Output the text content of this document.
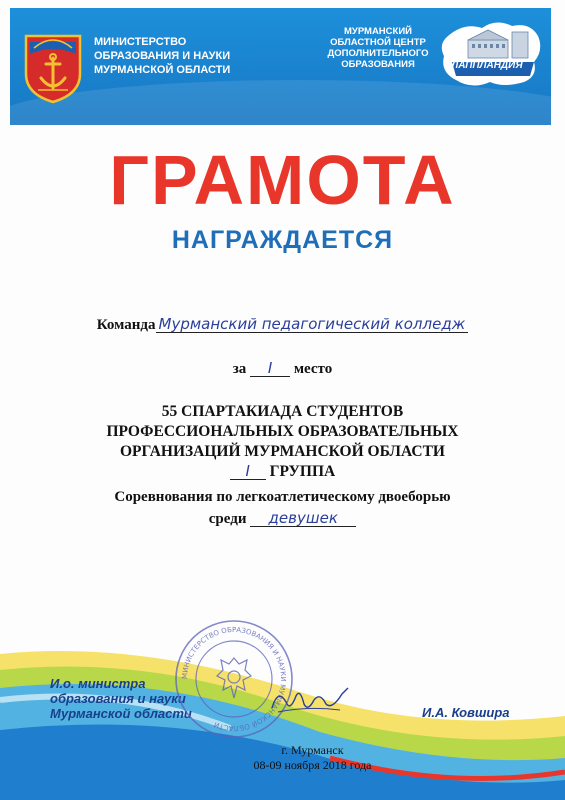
МИНИСТЕРСТВО
ОБРАЗОВАНИЯ И НАУКИ
МУРМАНСКОЙ ОБЛАСТИ
МУРМАНСКИЙ
ОБЛАСТНОЙ ЦЕНТР
ДОПОЛНИТЕЛЬНОГО
ОБРАЗОВАНИЯ	ЛАППЛАНДИЯ
ГРАМОТА
НАГРАЖДАЕТСЯ
Команда Мурманский педагогический колледж
за I место
55 СПАРТАКИАДА СТУДЕНТОВ
ПРОФЕССИОНАЛЬНЫХ ОБРАЗОВАТЕЛЬНЫХ
ОРГАНИЗАЦИЙ МУРМАНСКОЙ ОБЛАСТИ
I ГРУППА
Соревнования по легкоатлетическому двоеборью
среди девушек
И.о. министра
образования и науки
Мурманской области
МИНИСТЕРСТВО ОБРАЗОВАНИЯ И НАУКИ МУРМАНСКОЙ ОБЛАСТИ
И.А. Ковшира
г. Мурманск
08-09 ноября 2018 года
